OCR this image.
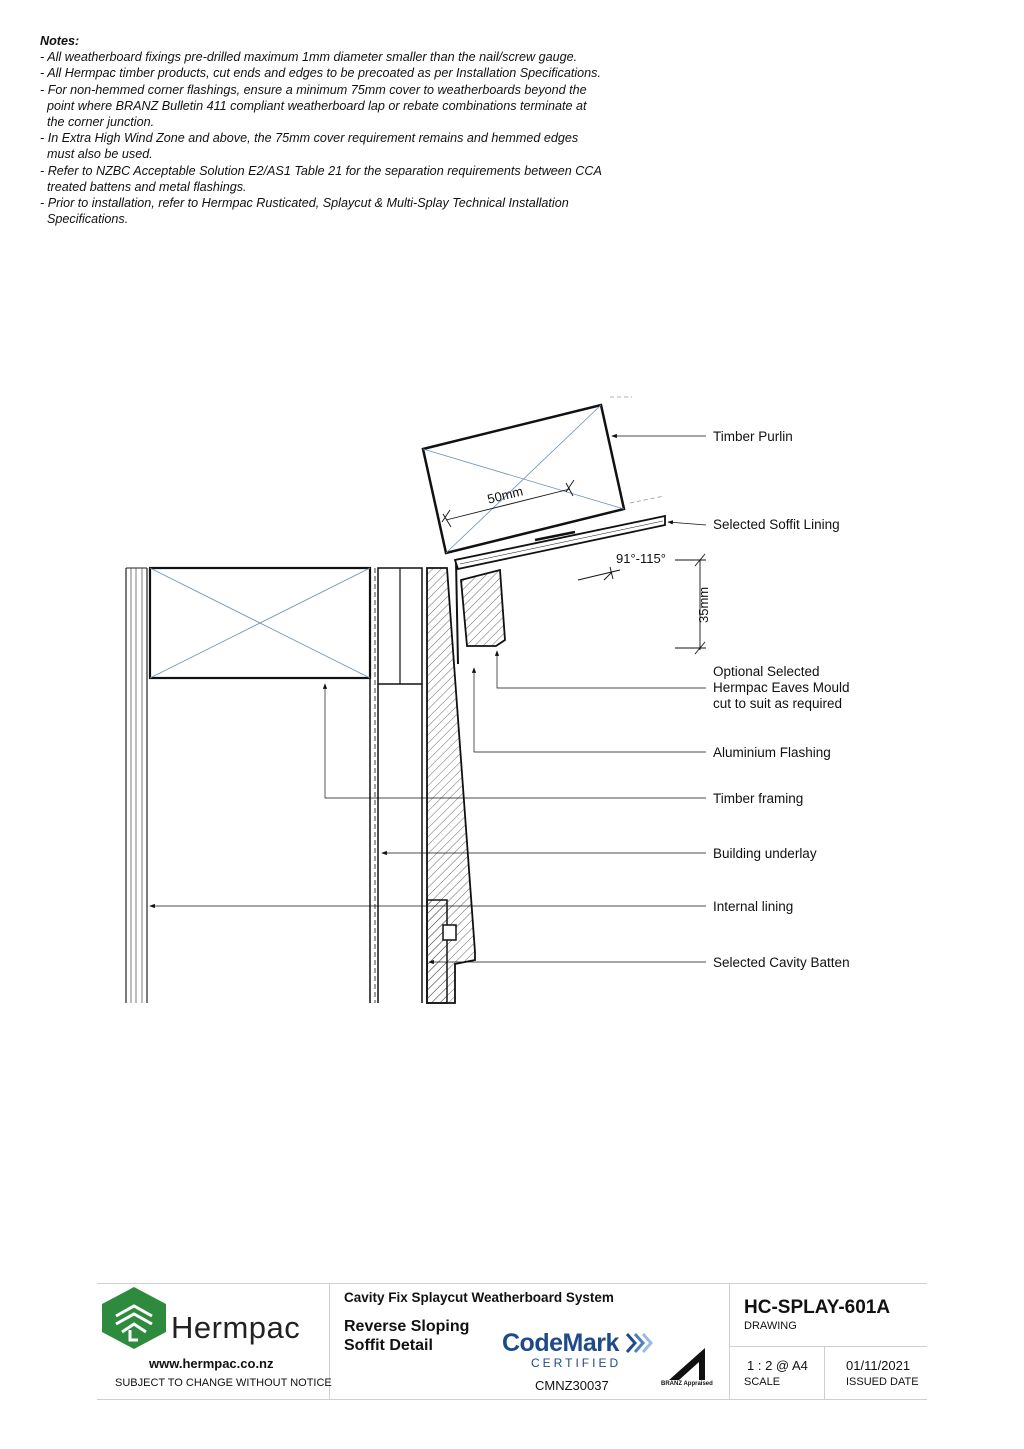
Notes:
- All weatherboard fixings pre-drilled maximum 1mm diameter smaller than the nail/screw gauge.
- All Hermpac timber products, cut ends and edges to be precoated as per Installation Specifications.
- For non-hemmed corner flashings, ensure a minimum 75mm cover to weatherboards beyond the
point where BRANZ Bulletin 411 compliant weatherboard lap or rebate combinations terminate at
the corner junction.
- In Extra High Wind Zone and above, the 75mm cover requirement remains and hemmed edges
must also be used.
- Refer to NZBC Acceptable Solution E2/AS1 Table 21 for the separation requirements between CCA
treated battens and metal flashings.
- Prior to installation, refer to Hermpac Rusticated, Splaycut & Multi-Splay Technical Installation
Specifications.
50mm
91°-115°
35mm
Timber Purlin
Selected Soffit Lining
Optional Selected
Hermpac Eaves Mould
cut to suit as required
Aluminium Flashing
Timber framing
Building underlay
Internal lining
Selected Cavity Batten
Hermpac
www.hermpac.co.nz
SUBJECT TO CHANGE WITHOUT NOTICE
Cavity Fix Splaycut Weatherboard System
Reverse Sloping
Soffit Detail	CodeMark
CERTIFIED
CMNZ30037	BRANZ Appraised
HC-SPLAY-601A
DRAWING
1 : 2 @ A4
SCALE
01/11/2021
ISSUED DATE
